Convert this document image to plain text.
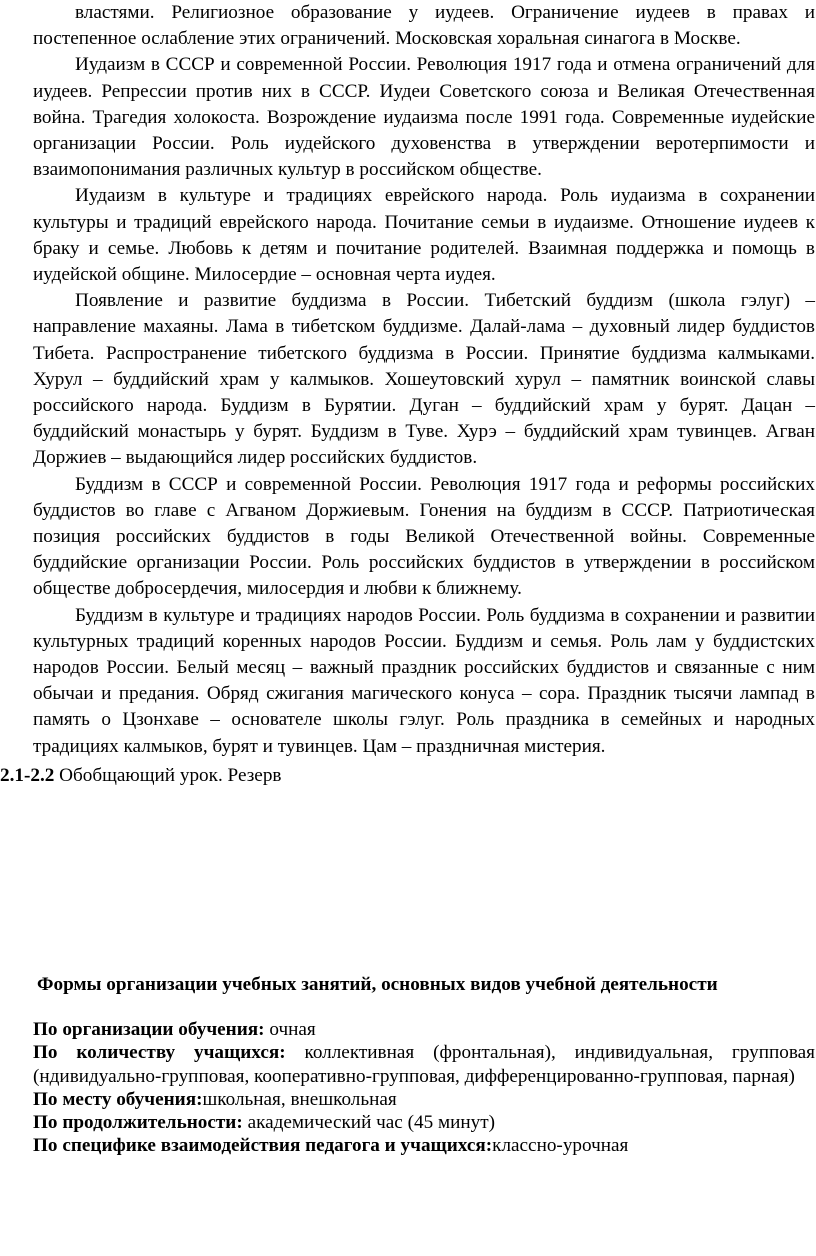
властями. Религиозное образование у иудеев. Ограничение иудеев в правах и постепенное ослабление этих ограничений. Московская хоральная синагога в Москве.

Иудаизм в СССР и современной России. Революция 1917 года и отмена ограничений для иудеев. Репрессии против них в СССР. Иудеи Советского союза и Великая Отечественная война. Трагедия холокоста. Возрождение иудаизма после 1991 года. Современные иудейские организации России. Роль иудейского духовенства в утверждении веротерпимости и взаимопонимания различных культур в российском обществе.

Иудаизм в культуре и традициях еврейского народа. Роль иудаизма в сохранении культуры и традиций еврейского народа. Почитание семьи в иудаизме. Отношение иудеев к браку и семье. Любовь к детям и почитание родителей. Взаимная поддержка и помощь в иудейской общине. Милосердие – основная черта иудея.

Появление и развитие буддизма в России. Тибетский буддизм (школа гэлуг) – направление махаяны. Лама в тибетском буддизме. Далай-лама – духовный лидер буддистов Тибета. Распространение тибетского буддизма в России. Принятие буддизма калмыками. Хурул – буддийский храм у калмыков. Хошеутовский хурул – памятник воинской славы российского народа. Буддизм в Бурятии. Дуган – буддийский храм у бурят. Дацан – буддийский монастырь у бурят. Буддизм в Туве. Хурэ – буддийский храм тувинцев. Агван Доржиев – выдающийся лидер российских буддистов.

Буддизм в СССР и современной России. Революция 1917 года и реформы российских буддистов во главе с Агваном Доржиевым. Гонения на буддизм в СССР. Патриотическая позиция российских буддистов в годы Великой Отечественной войны. Современные буддийские организации России. Роль российских буддистов в утверждении в российском обществе добросердечия, милосердия и любви к ближнему.

Буддизм в культуре и традициях народов России. Роль буддизма в сохранении и развитии культурных традиций коренных народов России. Буддизм и семья. Роль лам у буддистских народов России. Белый месяц – важный праздник российских буддистов и связанные с ним обычаи и предания. Обряд сжигания магического конуса – сора. Праздник тысячи лампад в память о Цзонхаве – основателе школы гэлуг. Роль праздника в семейных и народных традициях калмыков, бурят и тувинцев. Цам – праздничная мистерия.

2.1-2.2 Обобщающий урок. Резерв
Формы организации учебных занятий, основных видов учебной деятельности

По организации обучения: очная

По количеству учащихся: коллективная (фронтальная), индивидуальная, групповая (ндивидуально-групповая, кооперативно-групповая, дифференцированно-групповая, парная)

По месту обучения:школьная, внешкольная

По продолжительности: академический час (45 минут)

По специфике взаимодействия педагога и учащихся:классно-урочная
